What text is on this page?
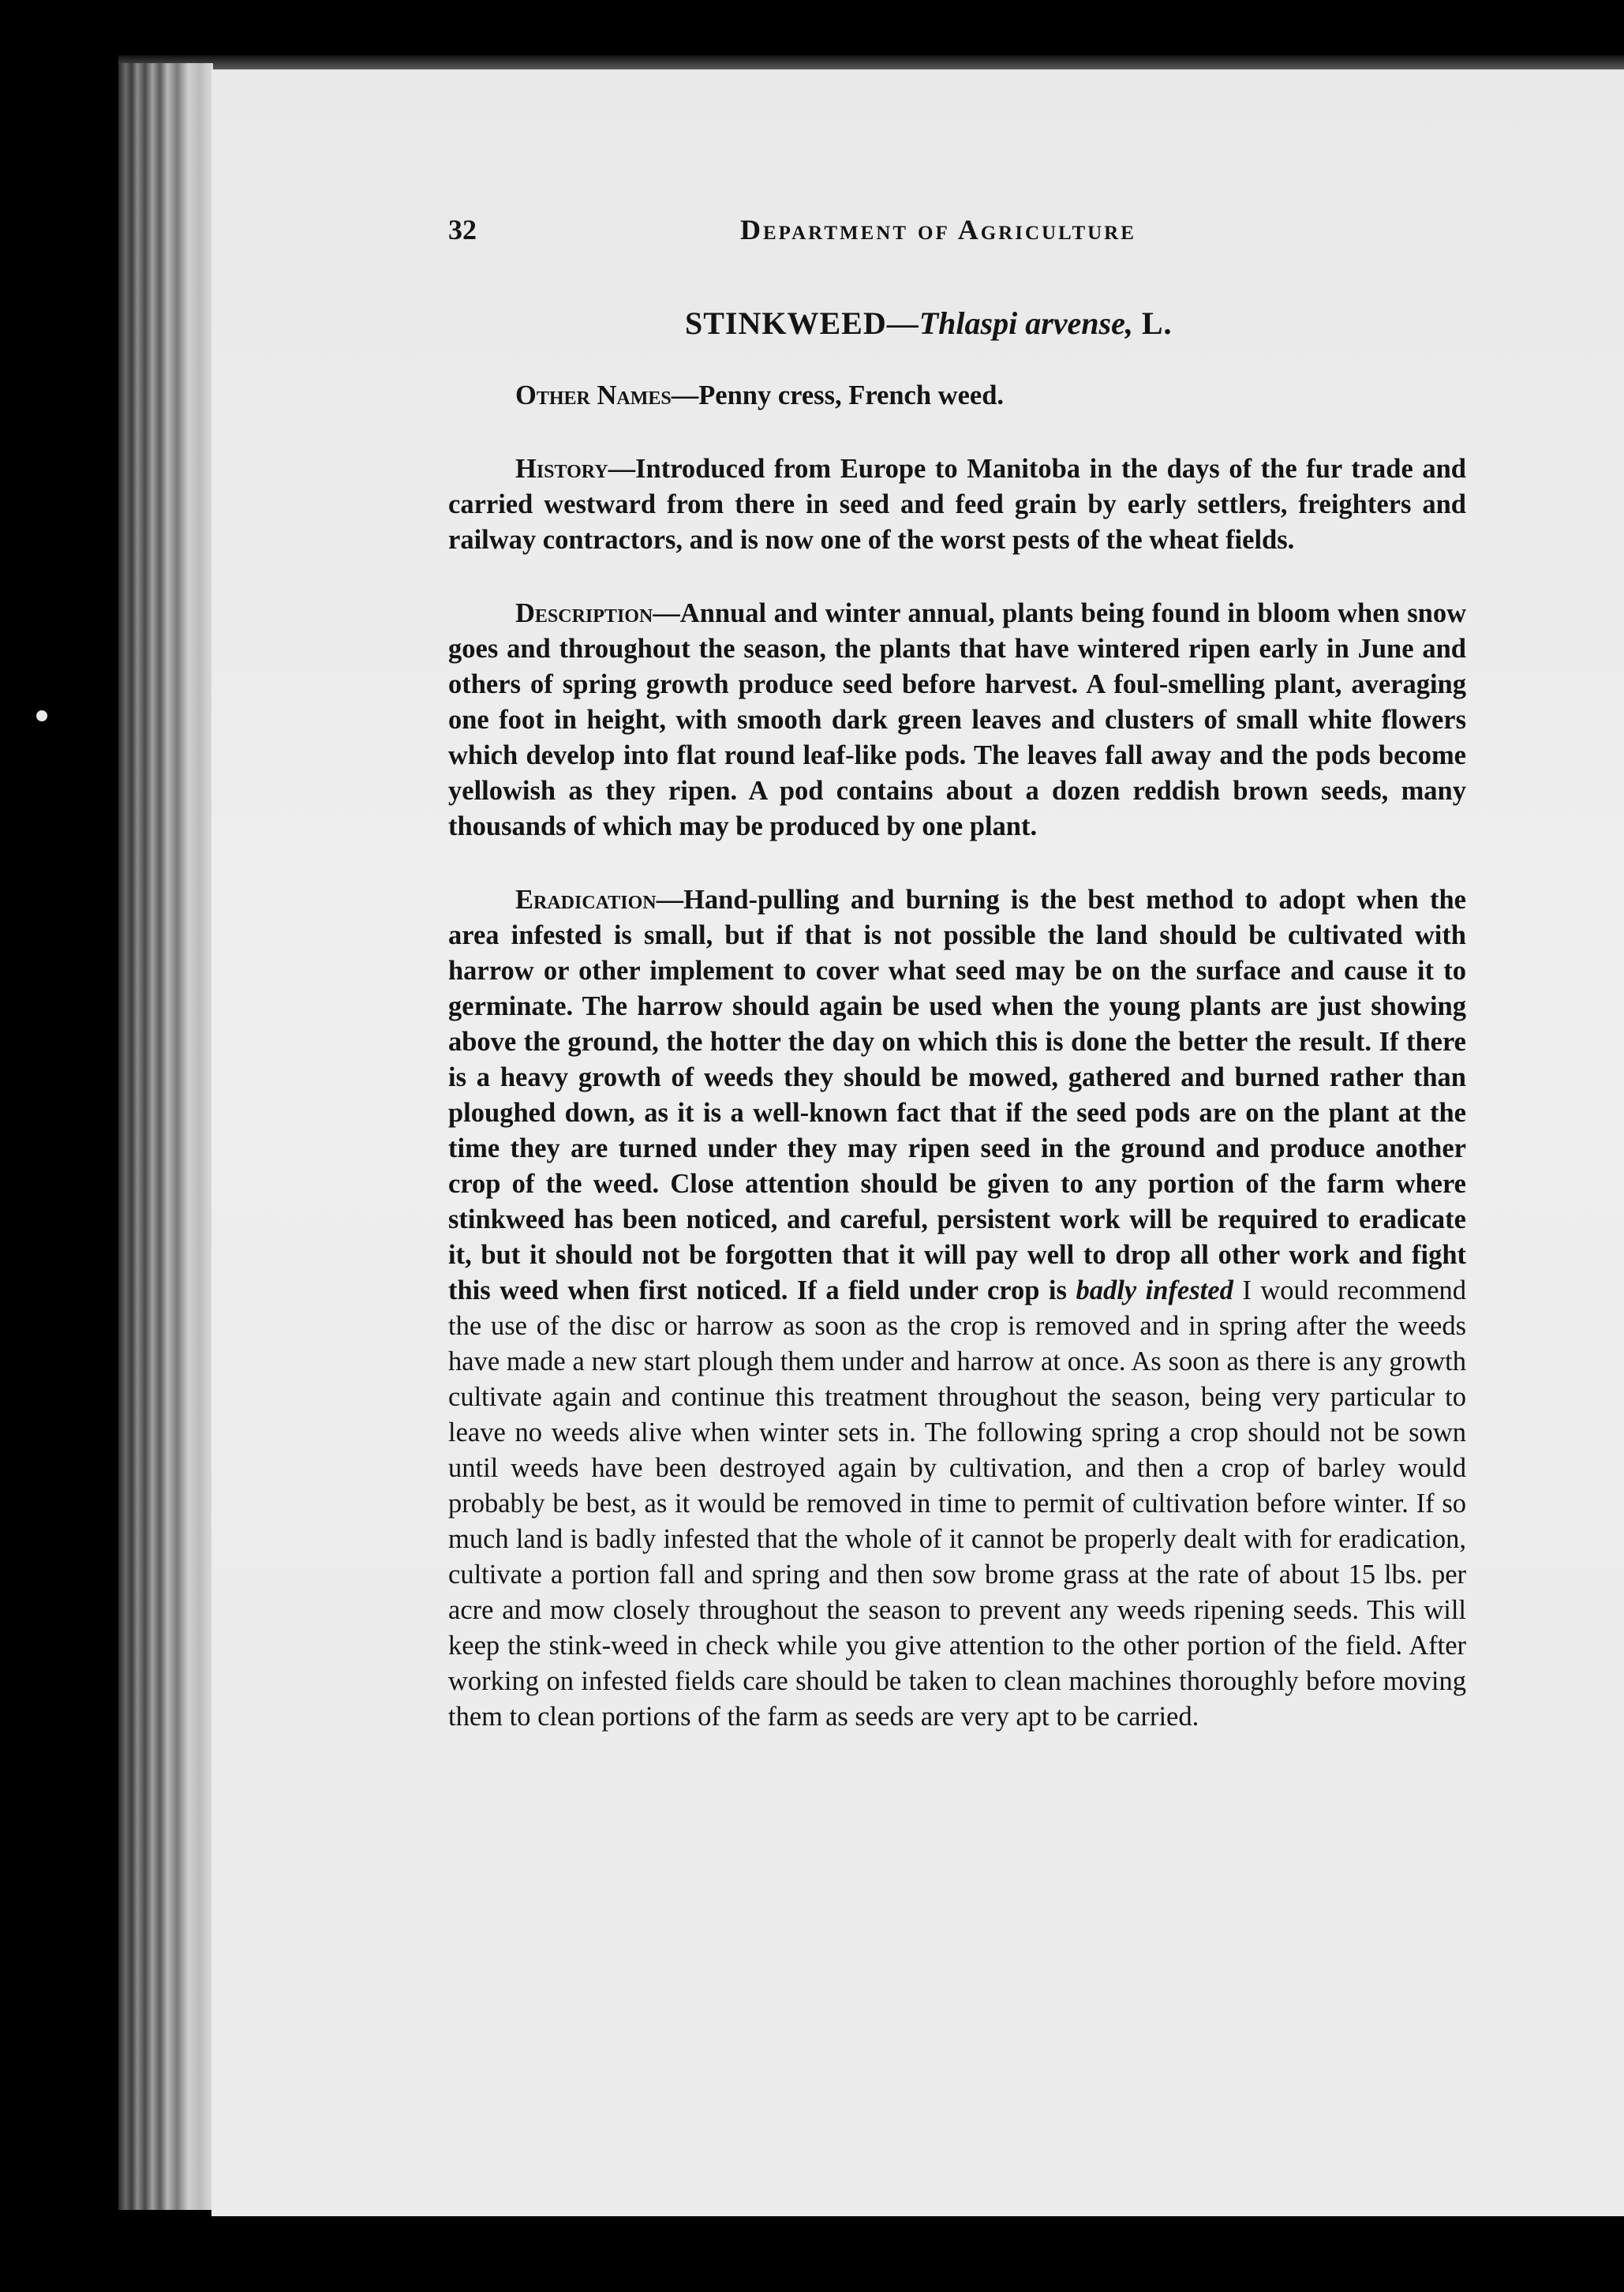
32	Department of Agriculture
STINKWEED—Thlaspi arvense, L.

Other Names—Penny cress, French weed.

History—Introduced from Europe to Manitoba in the days of the fur trade and carried westward from there in seed and feed grain by early settlers, freighters and railway contractors, and is now one of the worst pests of the wheat fields.

Description—Annual and winter annual, plants being found in bloom when snow goes and throughout the season, the plants that have wintered ripen early in June and others of spring growth produce seed before harvest. A foul-smelling plant, averaging one foot in height, with smooth dark green leaves and clusters of small white flowers which develop into flat round leaf-like pods. The leaves fall away and the pods become yellowish as they ripen. A pod contains about a dozen reddish brown seeds, many thousands of which may be produced by one plant.

Eradication—Hand-pulling and burning is the best method to adopt when the area infested is small, but if that is not possible the land should be cultivated with harrow or other implement to cover what seed may be on the surface and cause it to germinate. The harrow should again be used when the young plants are just showing above the ground, the hotter the day on which this is done the better the result. If there is a heavy growth of weeds they should be mowed, gathered and burned rather than ploughed down, as it is a well-known fact that if the seed pods are on the plant at the time they are turned under they may ripen seed in the ground and produce another crop of the weed. Close attention should be given to any portion of the farm where stinkweed has been noticed, and careful, persistent work will be required to eradicate it, but it should not be forgotten that it will pay well to drop all other work and fight this weed when first noticed. If a field under crop is badly infested I would recommend the use of the disc or harrow as soon as the crop is removed and in spring after the weeds have made a new start plough them under and harrow at once. As soon as there is any growth cultivate again and continue this treatment throughout the season, being very particular to leave no weeds alive when winter sets in. The following spring a crop should not be sown until weeds have been destroyed again by cultivation, and then a crop of barley would probably be best, as it would be removed in time to permit of cultivation before winter. If so much land is badly infested that the whole of it cannot be properly dealt with for eradication, cultivate a portion fall and spring and then sow brome grass at the rate of about 15 lbs. per acre and mow closely throughout the season to prevent any weeds ripening seeds. This will keep the stink-weed in check while you give attention to the other portion of the field. After working on infested fields care should be taken to clean machines thoroughly before moving them to clean portions of the farm as seeds are very apt to be carried.
